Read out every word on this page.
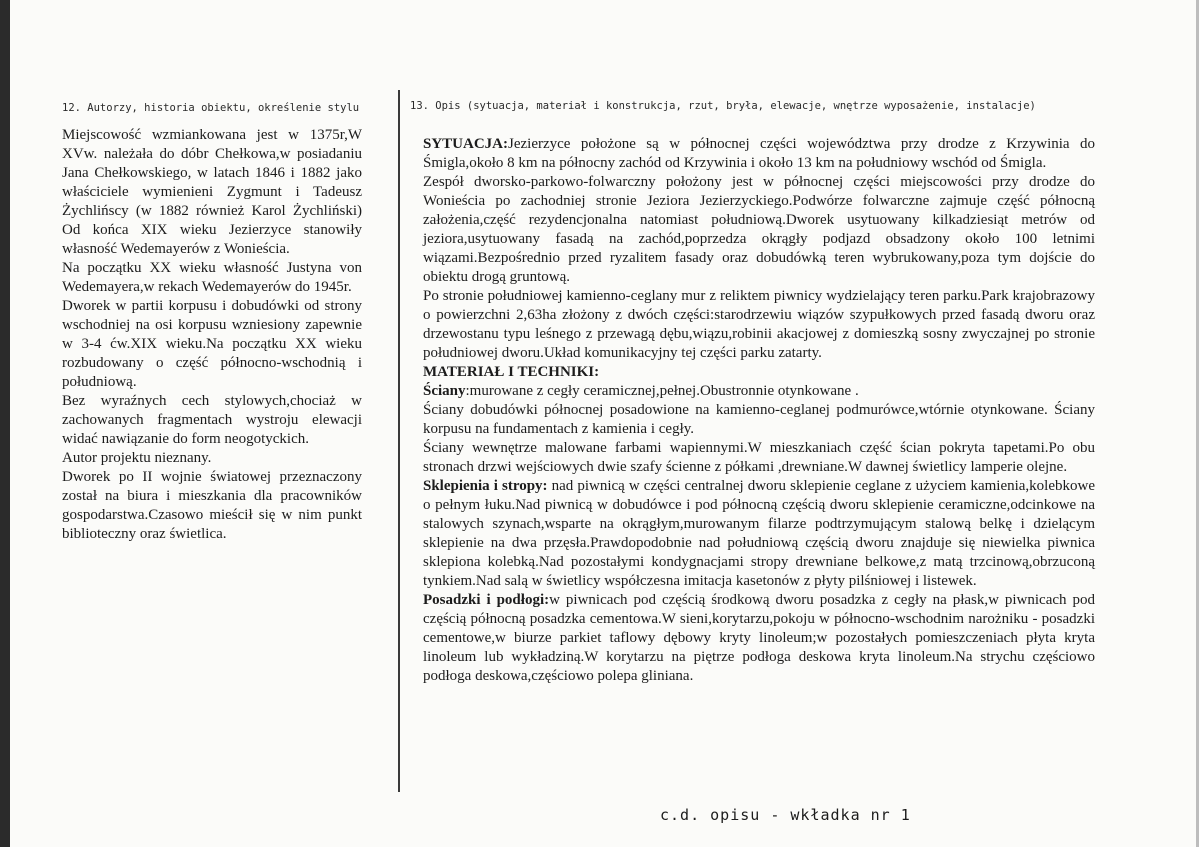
12. Autorzy, historia obiektu, określenie stylu	13. Opis (sytuacja, materiał i konstrukcja, rzut, bryła, elewacje, wnętrze wyposażenie, instalacje)

Miejscowość wzmiankowana jest w 1375r,W XVw. należała do dóbr Chełkowa,w posiadaniu Jana Chełkowskiego, w latach 1846 i 1882 jako właściciele wymienieni Zygmunt i Tadeusz Żychlińscy (w 1882 również Karol Żychliński) Od końca XIX wieku Jezierzyce stanowiły własność Wedemayerów z Wonieścia.

Na początku XX wieku własność Justyna von Wedemayera,w rekach Wedemayerów do 1945r.

Dworek w partii korpusu i dobudówki od strony wschodniej na osi korpusu wzniesiony zapewnie w 3-4 ćw.XIX wieku.Na początku XX wieku rozbudowany o część północno-wschodnią i południową.

Bez wyraźnych cech stylowych,chociaż w zachowanych fragmentach wystroju elewacji widać nawiązanie do form neogotyckich.

Autor projektu nieznany.

Dworek po II wojnie światowej przeznaczony został na biura i mieszkania dla pracowników gospodarstwa.Czasowo mieścił się w nim punkt biblioteczny oraz świetlica.

SYTUACJA:Jezierzyce położone są w północnej części województwa przy drodze z Krzywinia do Śmigla,około 8 km na północny zachód od Krzywinia i około 13 km na południowy wschód od Śmigla.

Zespół dworsko-parkowo-folwarczny położony jest w północnej części miejscowości przy drodze do Wonieścia po zachodniej stronie Jeziora Jezierzyckiego.Podwórze folwarczne zajmuje część północną założenia,część rezydencjonalna natomiast południową.Dworek usytuowany kilkadziesiąt metrów od jeziora,usytuowany fasadą na zachód,poprzedza okrągły podjazd obsadzony około 100 letnimi wiązami.Bezpośrednio przed ryzalitem fasady oraz dobudówką teren wybrukowany,poza tym dojście do obiektu drogą gruntową.

Po stronie południowej kamienno-ceglany mur z reliktem piwnicy wydzielający teren parku.Park krajobrazowy o powierzchni 2,63ha złożony z dwóch części:starodrzewiu wiązów szypułkowych przed fasadą dworu oraz drzewostanu typu leśnego z przewagą dębu,wiązu,robinii akacjowej z domieszką sosny zwyczajnej po stronie południowej dworu.Układ komunikacyjny tej części parku zatarty.

MATERIAŁ I TECHNIKI:

Ściany:murowane z cegły ceramicznej,pełnej.Obustronnie otynkowane .

Ściany dobudówki północnej posadowione na kamienno-ceglanej podmurówce,wtórnie otynkowane. Ściany korpusu na fundamentach z kamienia i cegły.

Ściany wewnętrze malowane farbami wapiennymi.W mieszkaniach część ścian pokryta tapetami.Po obu stronach drzwi wejściowych dwie szafy ścienne z półkami ,drewniane.W dawnej świetlicy lamperie olejne.

Sklepienia i stropy: nad piwnicą w części centralnej dworu sklepienie ceglane z użyciem kamienia,kolebkowe o pełnym łuku.Nad piwnicą w dobudówce i pod północną częścią dworu sklepienie ceramiczne,odcinkowe na stalowych szynach,wsparte na okrągłym,murowanym filarze podtrzymującym stalową belkę i dzielącym sklepienie na dwa przęsła.Prawdopodobnie nad południową częścią dworu znajduje się niewielka piwnica sklepiona kolebką.Nad pozostałymi kondygnacjami stropy drewniane belkowe,z matą trzcinową,obrzuconą tynkiem.Nad salą w świetlicy współczesna imitacja kasetonów z płyty pilśniowej i listewek.

Posadzki i podłogi:w piwnicach pod częścią środkową dworu posadzka z cegły na płask,w piwnicach pod częścią północną posadzka cementowa.W sieni,korytarzu,pokoju w północno-wschodnim narożniku - posadzki cementowe,w biurze parkiet taflowy dębowy kryty linoleum;w pozostałych pomieszczeniach płyta kryta linoleum lub wykładziną.W korytarzu na piętrze podłoga deskowa kryta linoleum.Na strychu częściowo podłoga deskowa,częściowo polepa gliniana.

c.d. opisu - wkładka nr 1
